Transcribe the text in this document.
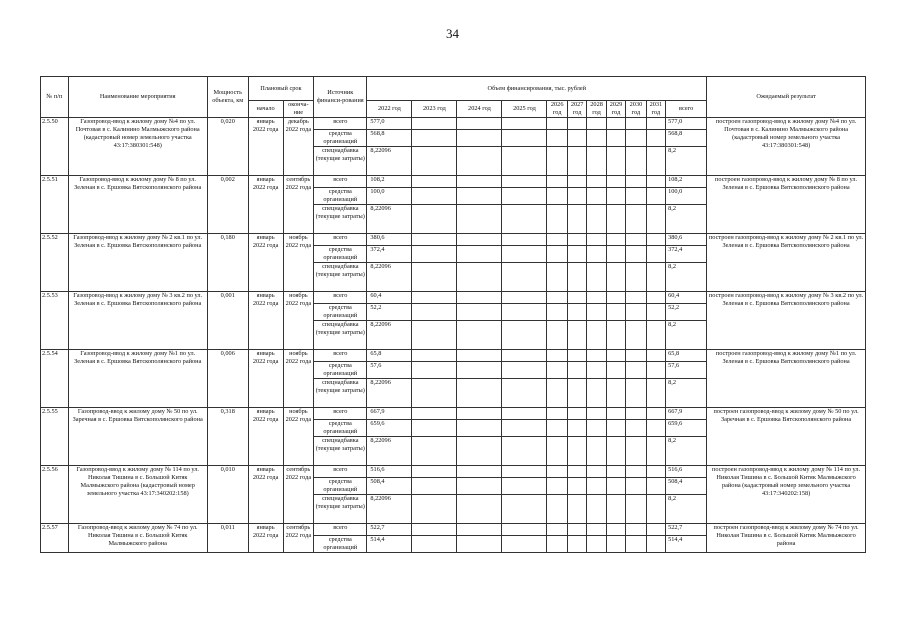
34
№ п/п	Наименование мероприятия	Мощность объекта, км	Плановый срок		Источник финанси-рования	Объем финансирования, тыс. рублей											Ожидаемый результат
			начало	оконча-ние		2022 год	2023 год	2024 год	2025 год	2026 год	2027 год	2028 год	2029 год	2030 год	2031 год	всего	
2.5.50	Газопровод-ввод к жилому дому №4 по ул. Почтовая в с. Калинино Малмыжского района (кадастровый номер земельного участка 43:17:380301:548)	0,020	январь 2022 года	декабрь 2022 года	всего	577,0										577,0	построен газопровод-ввод к жилому дому №4 по ул. Почтовая в с. Калинино Малмыжского района (кадастровый номер земельного участка 43:17:380301:548)
					средства организаций	568,8										568,8	
					спецнадбавка (текущие затраты)	8,22096										8,2	
2.5.51	Газопровод-ввод к жилому дому № 8 по ул. Зеленая в с. Ершовка Вятскополянского района	0,002	январь 2022 года	сентябрь 2022 года	всего	108,2										108,2	построен газопровод-ввод к жилому дому № 8 по ул. Зеленая в с. Ершовка Вятскополянского района
					средства организаций	100,0										100,0	
					спецнадбавка (текущие затраты)	8,22096										8,2	
2.5.52	Газопровод-ввод к жилому дому № 2 кв.1 по ул. Зеленая в с. Ершовка Вятскополянского района	0,180	январь 2022 года	ноябрь 2022 года	всего	380,6										380,6	построен газопровод-ввод к жилому дому № 2 кв.1 по ул. Зеленая в с. Ершовка Вятскополянского района
					средства организаций	372,4										372,4	
					спецнадбавка (текущие затраты)	8,22096										8,2	
2.5.53	Газопровод-ввод к жилому дому № 3 кв.2 по ул. Зеленая в с. Ершовка Вятскополянского района	0,001	январь 2022 года	ноябрь 2022 года	всего	60,4										60,4	построен газопровод-ввод к жилому дому № 3 кв.2 по ул. Зеленая в с. Ершовка Вятскополянского района
					средства организаций	52,2										52,2	
					спецнадбавка (текущие затраты)	8,22096										8,2	
2.5.54	Газопровод-ввод к жилому дому №1 по ул. Зеленая в с. Ершовка Вятскополянского района	0,006	январь 2022 года	ноябрь 2022 года	всего	65,8										65,8	построен газопровод-ввод к жилому дому №1 по ул. Зеленая в с. Ершовка Вятскополянского района
					средства организаций	57,6										57,6	
					спецнадбавка (текущие затраты)	8,22096										8,2	
2.5.55	Газопровод-ввод к жилому дому № 50 по ул. Заречная в с. Ершовка Вятскополянского района	0,318	январь 2022 года	ноябрь 2022 года	всего	667,9										667,9	построен газопровод-ввод к жилому дому № 50 по ул. Заречная в с. Ершовка Вятскополянского района
					средства организаций	659,6										659,6	
					спецнадбавка (текущие затраты)	8,22096										8,2	
2.5.56	Газопровод-ввод к жилому дому № 114 по ул. Николая Тишина в с. Большой Китяк Малмыжского района (кадастровый номер земельного участка 43:17:340202:158)	0,010	январь 2022 года	сентябрь 2022 года	всего	516,6										516,6	построен газопровод-ввод к жилому дому № 114 по ул. Николая Тишина в с. Большой Китяк Малмыжского района (кадастровый номер земельного участка 43:17:340202:158)
					средства организаций	508,4										508,4	
					спецнадбавка (текущие затраты)	8,22096										8,2	
2.5.57	Газопровод-ввод к жилому дому № 74 по ул. Николая Тишина в с. Большой Китяк Малмыжского района	0,011	январь 2022 года	сентябрь 2022 года	всего	522,7										522,7	построен газопровод-ввод к жилому дому № 74 по ул. Николая Тишина в с. Большой Китяк Малмыжского района
					средства организаций	514,4										514,4	
